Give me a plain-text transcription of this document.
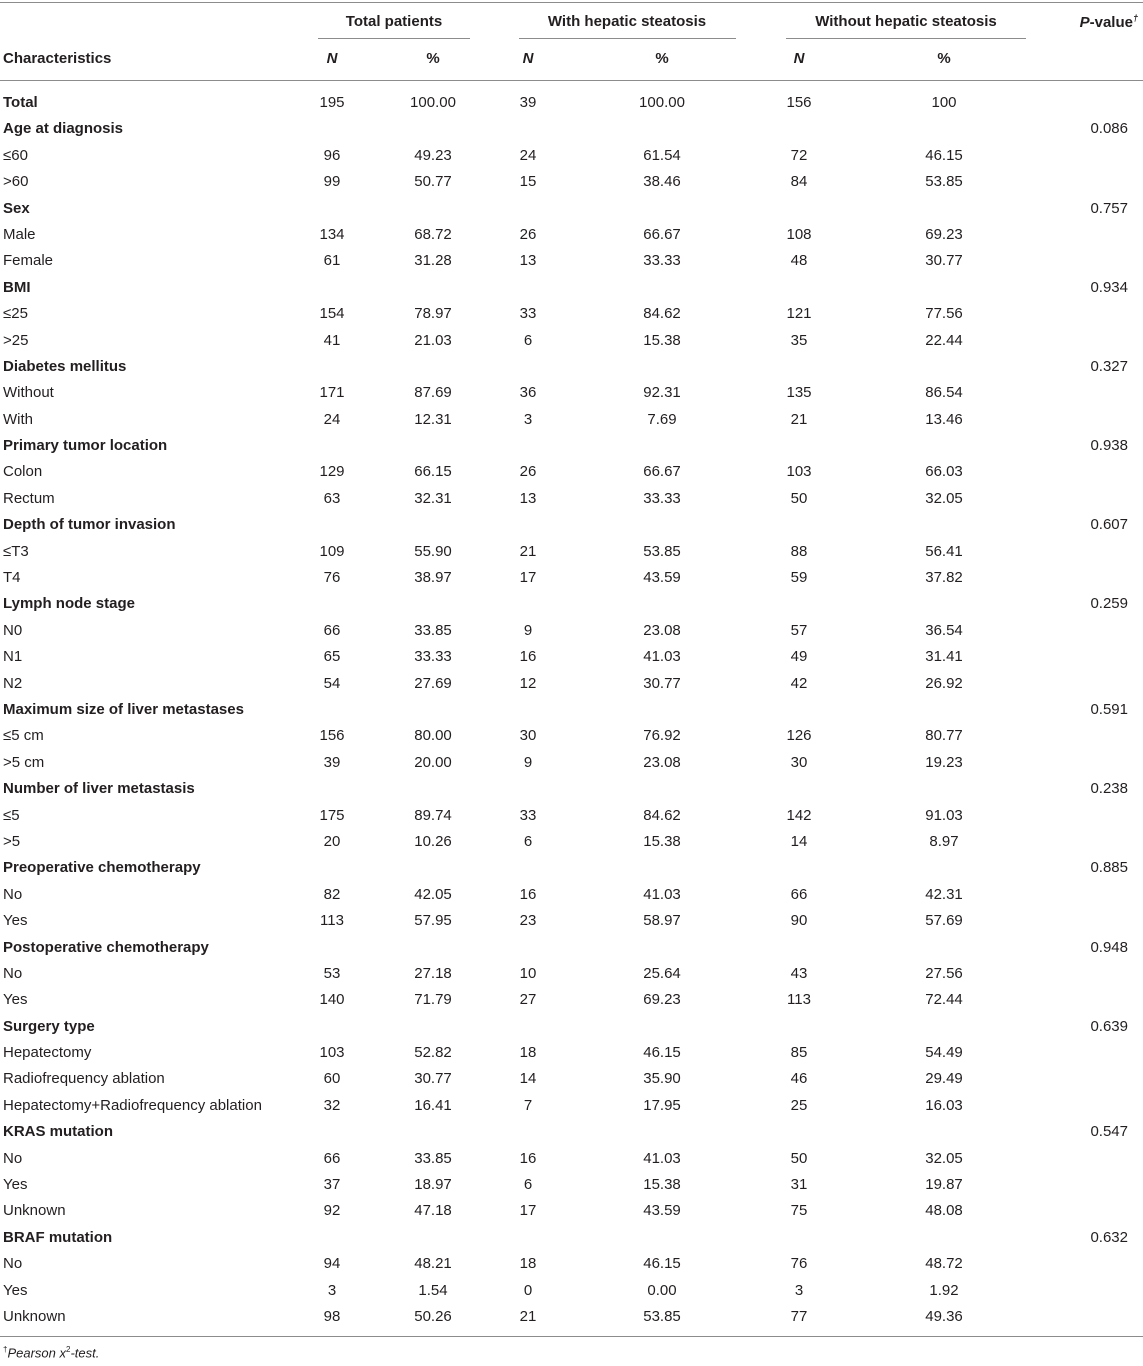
Total patients	With hepatic steatosis	Without hepatic steatosis	P-value†
Characteristics	N	%	N	%	N	%
Total	195	100.00	39	100.00	156	100
Age at diagnosis	0.086
≤60	96	49.23	24	61.54	72	46.15
>60	99	50.77	15	38.46	84	53.85
Sex	0.757
Male	134	68.72	26	66.67	108	69.23
Female	61	31.28	13	33.33	48	30.77
BMI	0.934
≤25	154	78.97	33	84.62	121	77.56
>25	41	21.03	6	15.38	35	22.44
Diabetes mellitus	0.327
Without	171	87.69	36	92.31	135	86.54
With	24	12.31	3	7.69	21	13.46
Primary tumor location	0.938
Colon	129	66.15	26	66.67	103	66.03
Rectum	63	32.31	13	33.33	50	32.05
Depth of tumor invasion	0.607
≤T3	109	55.90	21	53.85	88	56.41
T4	76	38.97	17	43.59	59	37.82
Lymph node stage	0.259
N0	66	33.85	9	23.08	57	36.54
N1	65	33.33	16	41.03	49	31.41
N2	54	27.69	12	30.77	42	26.92
Maximum size of liver metastases	0.591
≤5 cm	156	80.00	30	76.92	126	80.77
>5 cm	39	20.00	9	23.08	30	19.23
Number of liver metastasis	0.238
≤5	175	89.74	33	84.62	142	91.03
>5	20	10.26	6	15.38	14	8.97
Preoperative chemotherapy	0.885
No	82	42.05	16	41.03	66	42.31
Yes	113	57.95	23	58.97	90	57.69
Postoperative chemotherapy	0.948
No	53	27.18	10	25.64	43	27.56
Yes	140	71.79	27	69.23	113	72.44
Surgery type	0.639
Hepatectomy	103	52.82	18	46.15	85	54.49
Radiofrequency ablation	60	30.77	14	35.90	46	29.49
Hepatectomy+Radiofrequency ablation	32	16.41	7	17.95	25	16.03
KRAS mutation	0.547
No	66	33.85	16	41.03	50	32.05
Yes	37	18.97	6	15.38	31	19.87
Unknown	92	47.18	17	43.59	75	48.08
BRAF mutation	0.632
No	94	48.21	18	46.15	76	48.72
Yes	3	1.54	0	0.00	3	1.92
Unknown	98	50.26	21	53.85	77	49.36
†Pearson $x^2$-test.
